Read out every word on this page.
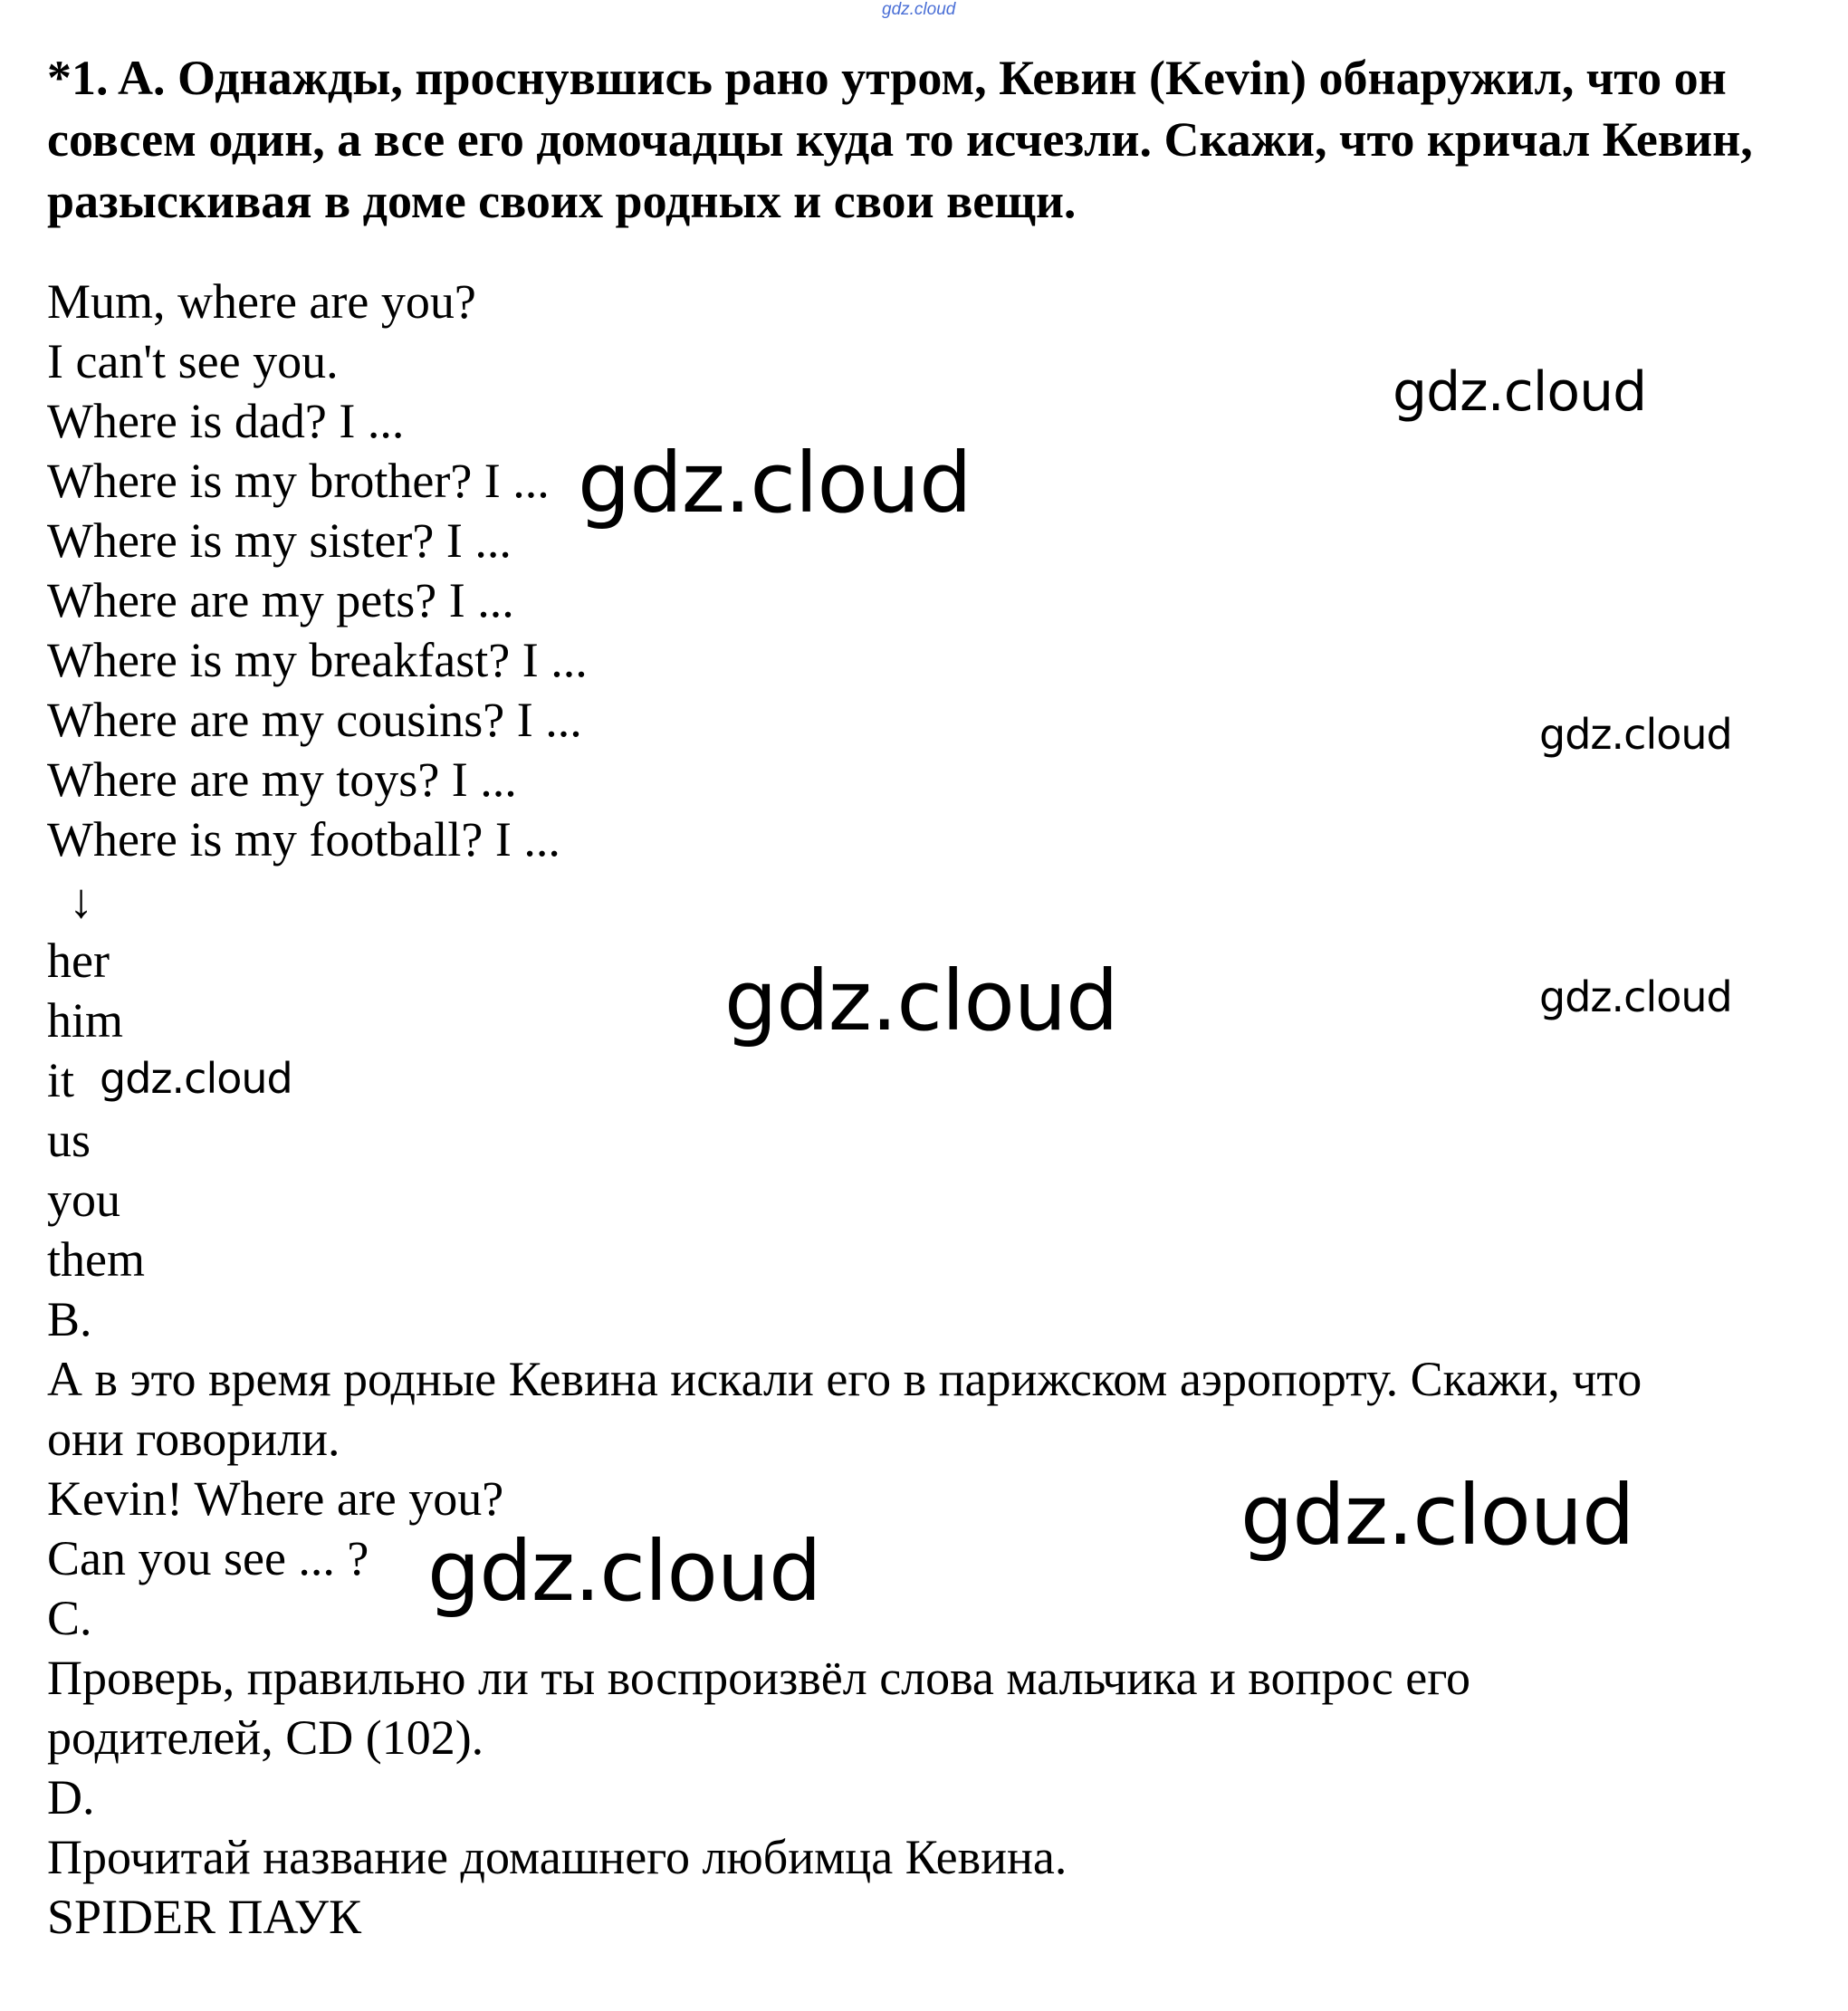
gdz.cloud
*1. A. Однажды, проснувшись рано утром, Кевин (Kevin) обнаружил, что он совсем один, а все его домочадцы куда то исчезли. Скажи, что кричал Кевин, разыскивая в доме своих родных и свои вещи.
Mum, where are you?
I can't see you.
Where is dad? I ...
Where is my brother? I ...
Where is my sister? I ...
Where are my pets? I ...
Where is my breakfast? I ...
Where are my cousins? I ...
Where are my toys? I ...
Where is my football? I ...
↓
her
him
it
us
you
them
B.
А в это время родные Кевина искали его в парижском аэропорту. Скажи, что
они говорили.
Kevin! Where are you?
Can you see ... ?
C.
Проверь, правильно ли ты воспроизвёл слова мальчика и вопрос его
родителей, CD (102).
D.
Прочитай название домашнего любимца Кевина.
SPIDER ПАУК
gdz.cloud
gdz.cloud
gdz.cloud
gdz.cloud	gdz.cloud
gdz.cloud
gdz.cloud
gdz.cloud
